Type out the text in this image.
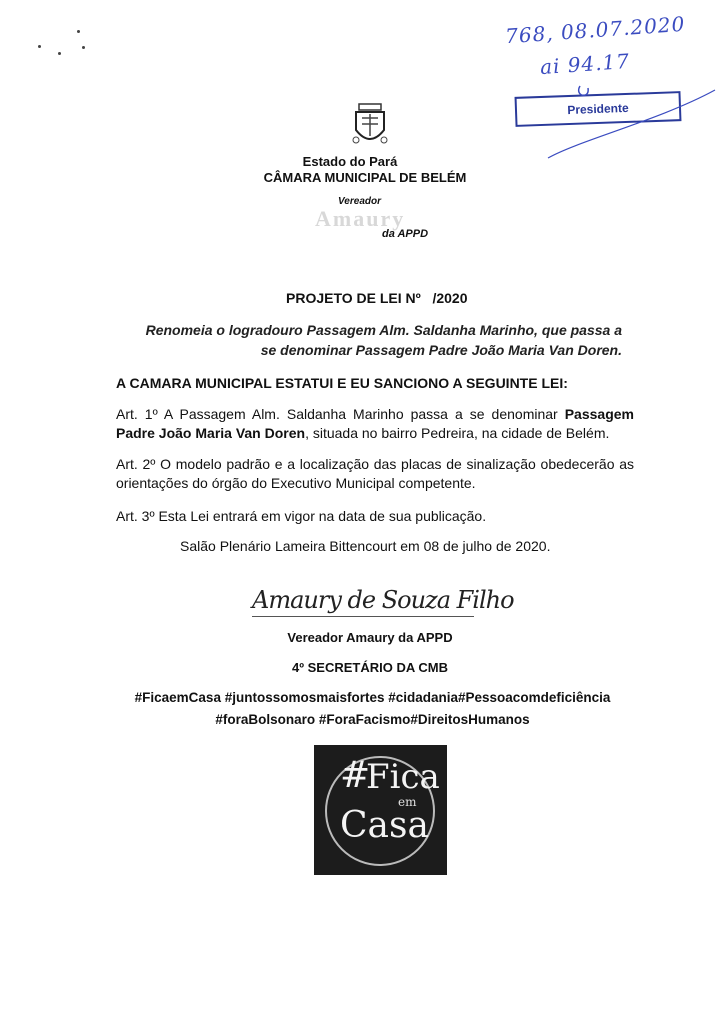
768, 08.07.2020
ai 94.17
Presidente
Estado do Pará
CÂMARA MUNICIPAL DE BELÉM
Vereador
Amaury
da APPD
PROJETO DE LEI Nº   /2020
Renomeia o logradouro Passagem Alm. Saldanha Marinho, que passa a se denominar Passagem Padre João Maria Van Doren.
A CAMARA MUNICIPAL ESTATUI E EU SANCIONO A SEGUINTE LEI:
Art. 1º A Passagem Alm. Saldanha Marinho passa a se denominar Passagem Padre João Maria Van Doren, situada no bairro Pedreira, na cidade de Belém.
Art. 2º O modelo padrão e a localização das placas de sinalização obedecerão as orientações do órgão do Executivo Municipal competente.
Art. 3º Esta Lei entrará em vigor na data de sua publicação.
Salão Plenário Lameira Bittencourt em 08 de julho de 2020.
Amaury de Souza Filho
Vereador Amaury da APPD
4º SECRETÁRIO DA CMB
#FicaemCasa #juntossomosmaisfortes #cidadania#Pessoacomdeficiência
#foraBolsonaro #ForaFacismo#DireitosHumanos
#
Fica
em
Casa
